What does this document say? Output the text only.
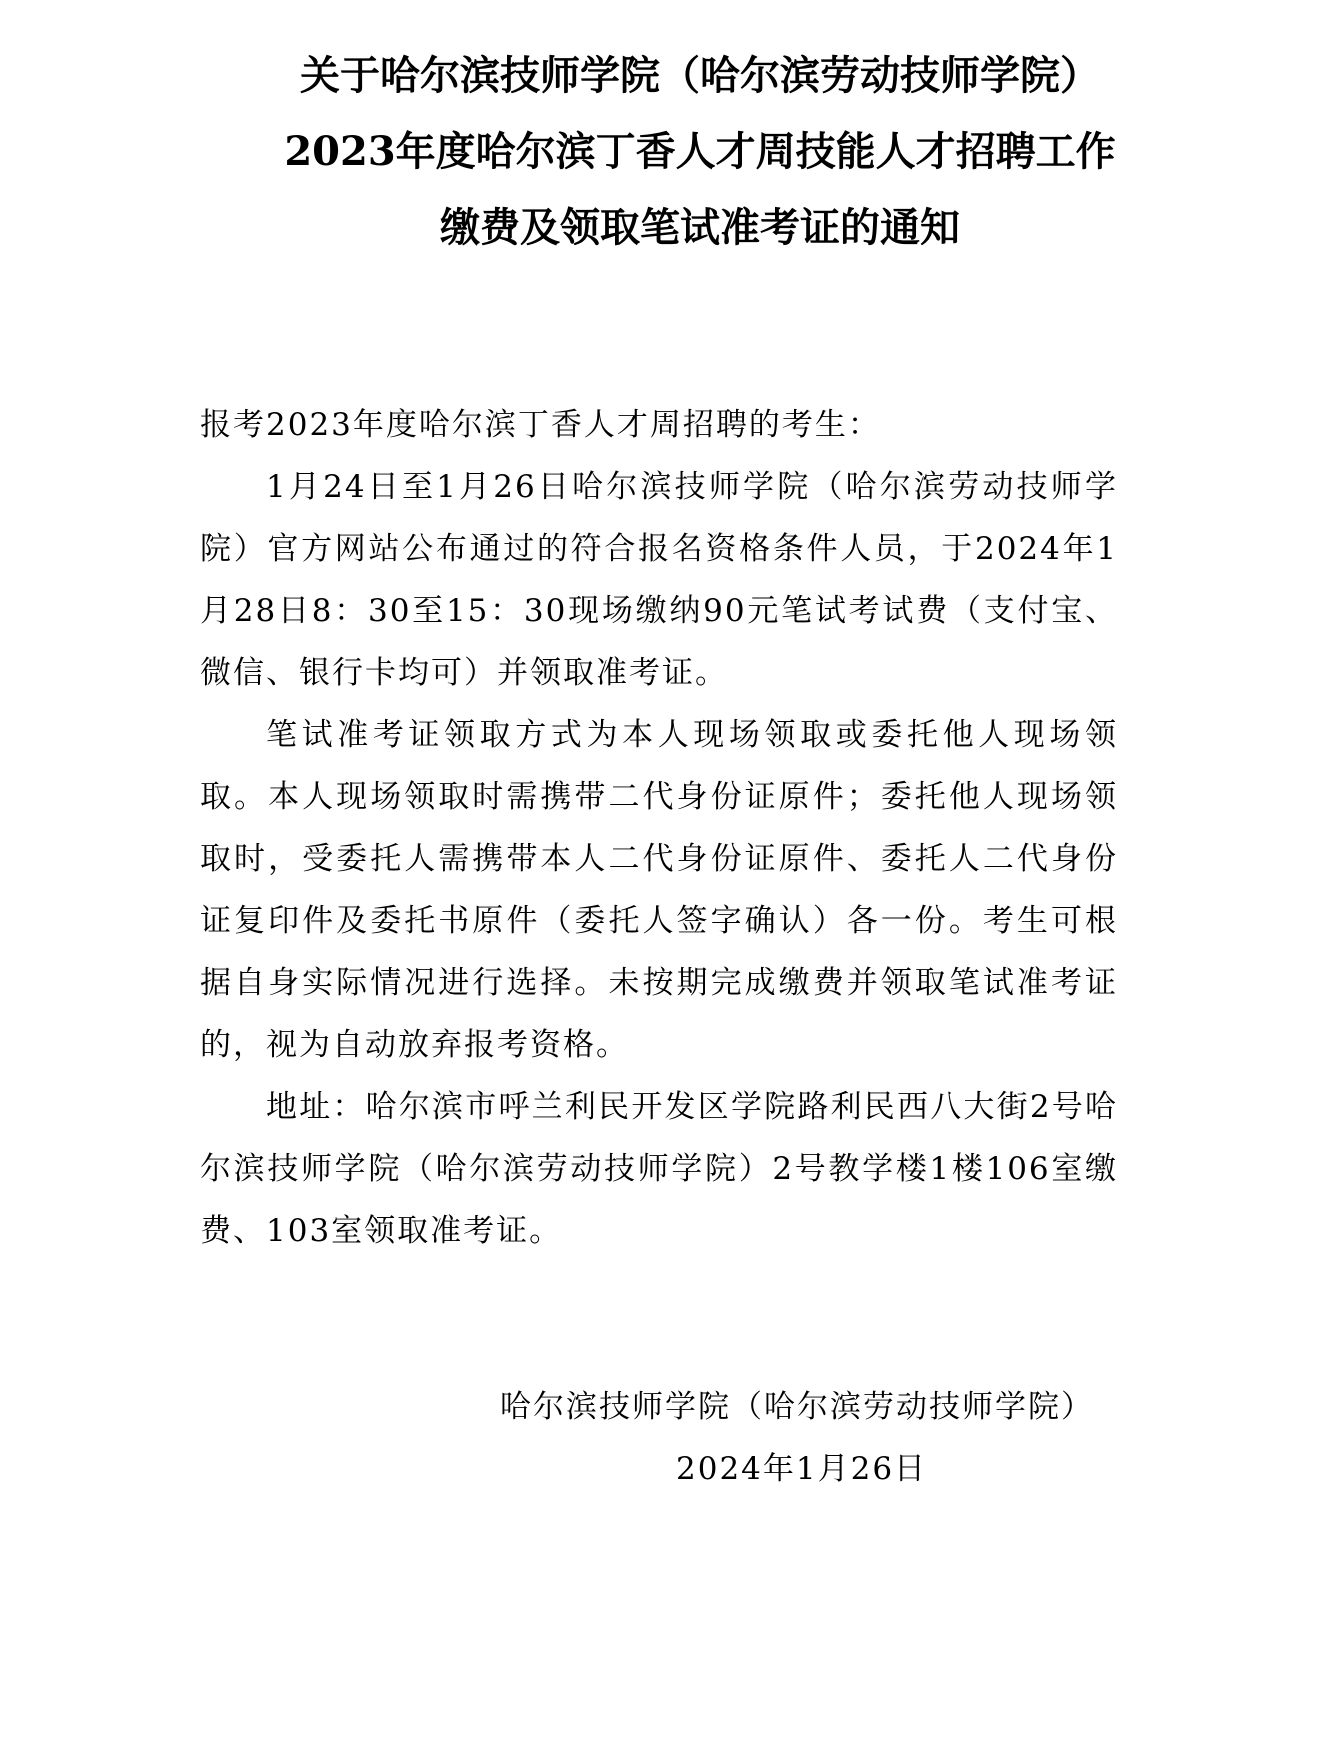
关于哈尔滨技师学院（哈尔滨劳动技师学院）
2023年度哈尔滨丁香人才周技能人才招聘工作
缴费及领取笔试准考证的通知
报考2023年度哈尔滨丁香人才周招聘的考生：

1月24日至1月26日哈尔滨技师学院（哈尔滨劳动技师学院）官方网站公布通过的符合报名资格条件人员，于2024年1月28日8：30至15：30现场缴纳90元笔试考试费（支付宝、微信、银行卡均可）并领取准考证。

笔试准考证领取方式为本人现场领取或委托他人现场领取。本人现场领取时需携带二代身份证原件；委托他人现场领取时，受委托人需携带本人二代身份证原件、委托人二代身份证复印件及委托书原件（委托人签字确认）各一份。考生可根据自身实际情况进行选择。未按期完成缴费并领取笔试准考证的，视为自动放弃报考资格。

地址：哈尔滨市呼兰利民开发区学院路利民西八大街2号哈尔滨技师学院（哈尔滨劳动技师学院）2号教学楼1楼106室缴费、103室领取准考证。

哈尔滨技师学院（哈尔滨劳动技师学院）
2024年1月26日
